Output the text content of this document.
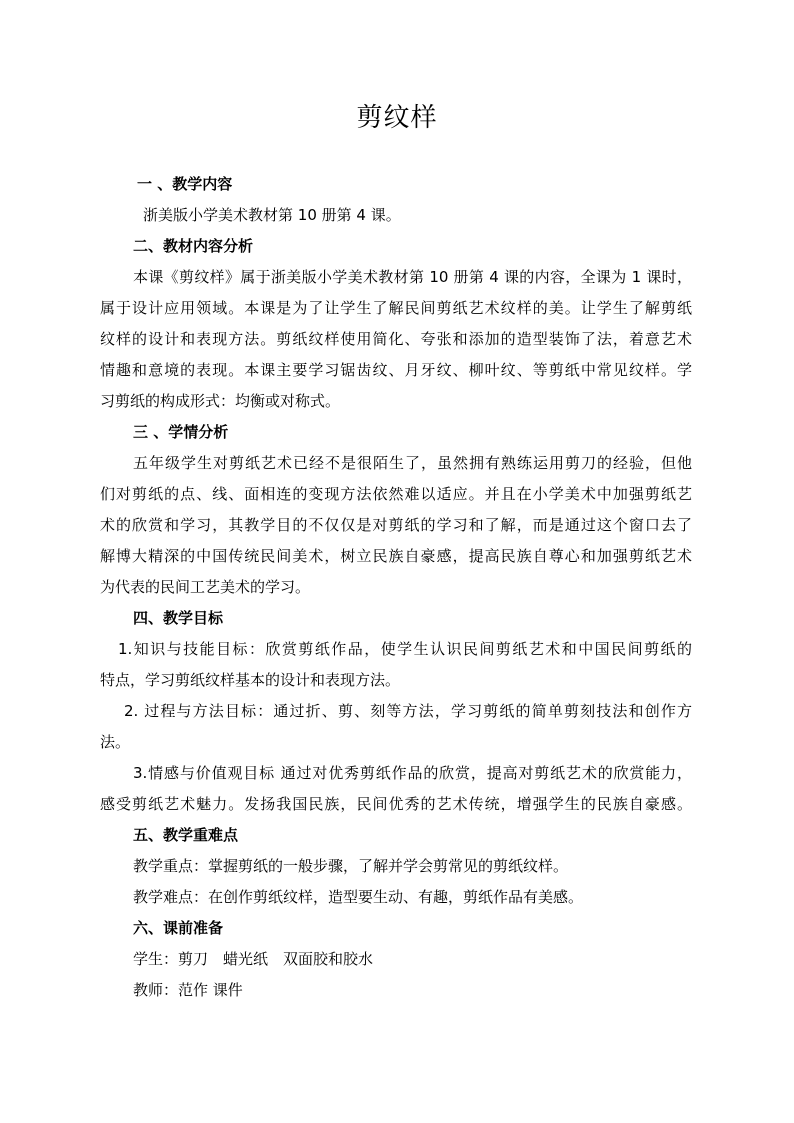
剪纹样
一 、教学内容
浙美版小学美术教材第 10 册第 4 课。
二、教材内容分析
本课《剪纹样》属于浙美版小学美术教材第 10 册第 4 课的内容，全课为 1 课时，
属于设计应用领域。本课是为了让学生了解民间剪纸艺术纹样的美。让学生了解剪纸
纹样的设计和表现方法。剪纸纹样使用简化、夸张和添加的造型装饰了法，着意艺术
情趣和意境的表现。本课主要学习锯齿纹、月牙纹、柳叶纹、等剪纸中常见纹样。学
习剪纸的构成形式：均衡或对称式。
三 、学情分析
五年级学生对剪纸艺术已经不是很陌生了，虽然拥有熟练运用剪刀的经验，但他
们对剪纸的点、线、面相连的变现方法依然难以适应。并且在小学美术中加强剪纸艺
术的欣赏和学习，其教学目的不仅仅是对剪纸的学习和了解，而是通过这个窗口去了
解博大精深的中国传统民间美术，树立民族自豪感，提高民族自尊心和加强剪纸艺术
为代表的民间工艺美术的学习。
四、教学目标
1.知识与技能目标：欣赏剪纸作品，使学生认识民间剪纸艺术和中国民间剪纸的
特点，学习剪纸纹样基本的设计和表现方法。
2. 过程与方法目标：通过折、剪、刻等方法，学习剪纸的简单剪刻技法和创作方
法。
3.情感与价值观目标 通过对优秀剪纸作品的欣赏，提高对剪纸艺术的欣赏能力，
感受剪纸艺术魅力。发扬我国民族，民间优秀的艺术传统，增强学生的民族自豪感。
五、教学重难点
教学重点：掌握剪纸的一般步骤，了解并学会剪常见的剪纸纹样。
教学难点：在创作剪纸纹样，造型要生动、有趣，剪纸作品有美感。
六、课前准备
学生：剪刀　蜡光纸　双面胶和胶水
教师：范作 课件
